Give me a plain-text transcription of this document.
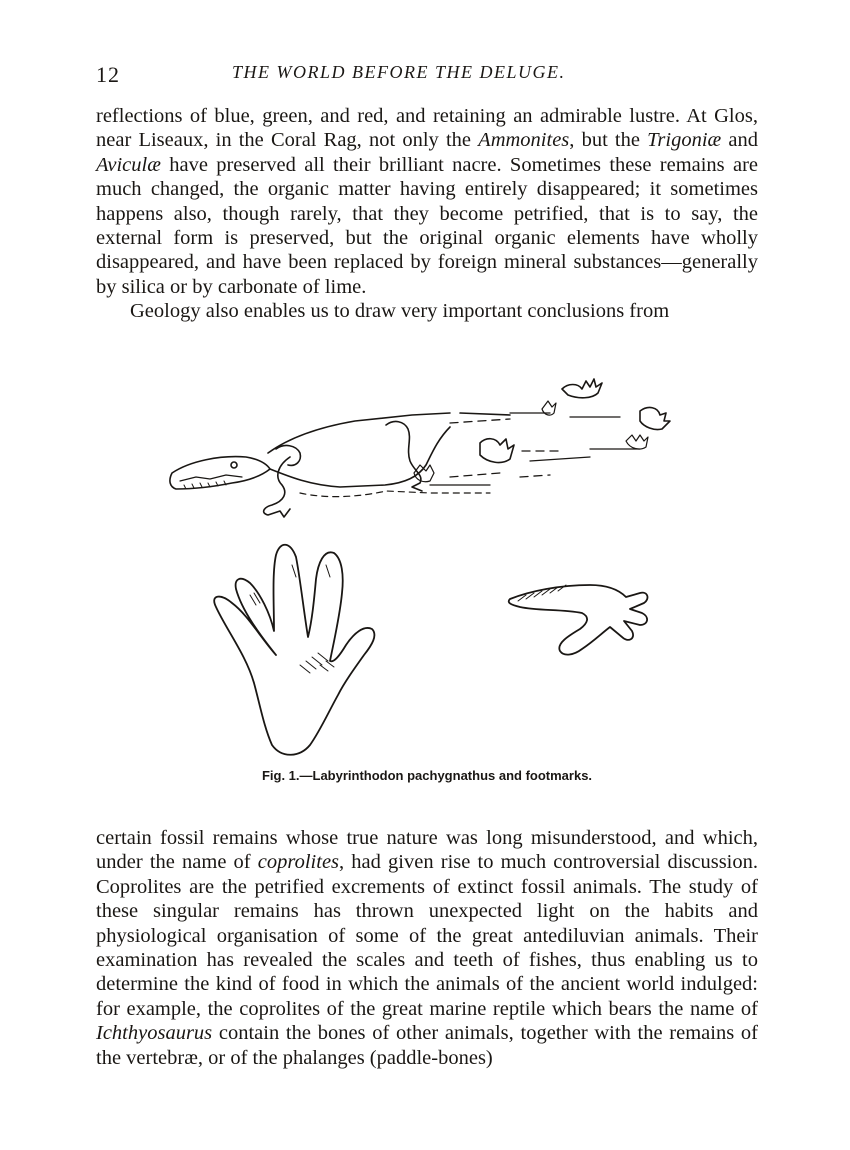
12	THE WORLD BEFORE THE DELUGE.

reflections of blue, green, and red, and retaining an admirable lustre. At Glos, near Liseaux, in the Coral Rag, not only the Ammonites, but the Trigoniæ and Aviculæ have preserved all their brilliant nacre. Sometimes these remains are much changed, the organic matter having entirely disappeared; it sometimes happens also, though rarely, that they become petrified, that is to say, the external form is preserved, but the original organic elements have wholly disappeared, and have been replaced by foreign mineral substances—generally by silica or by carbonate of lime.
Geology also enables us to draw very important conclusions from

Fig. 1.—Labyrinthodon pachygnathus and footmarks.

certain fossil remains whose true nature was long misunderstood, and which, under the name of coprolites, had given rise to much controversial discussion. Coprolites are the petrified excrements of extinct fossil animals. The study of these singular remains has thrown unexpected light on the habits and physiological organisation of some of the great antediluvian animals. Their examination has revealed the scales and teeth of fishes, thus enabling us to determine the kind of food in which the animals of the ancient world indulged: for example, the coprolites of the great marine reptile which bears the name of Ichthyosaurus contain the bones of other animals, together with the remains of the vertebræ, or of the phalanges (paddle-bones)
